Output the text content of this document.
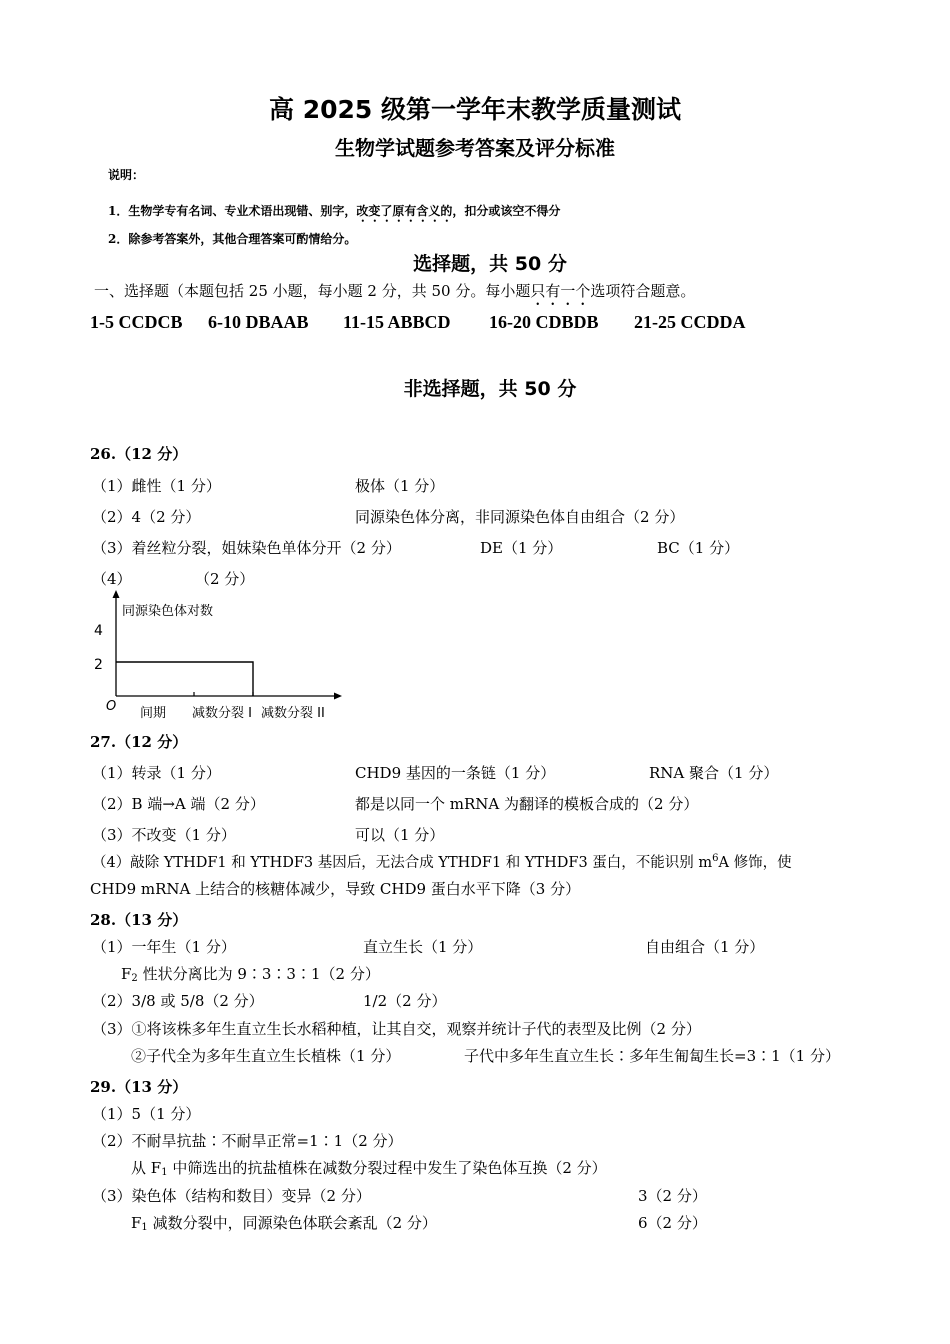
高 2025 级第一学年末教学质量测试
生物学试题参考答案及评分标准
说明：
1．生物学专有名词、专业术语出现错、别字，改变了原有含义的，扣分或该空不得分
2．除参考答案外，其他合理答案可酌情给分。
选择题，共 50 分
一、选择题（本题包括 25 小题，每小题 2 分，共 50 分。每小题只有一个选项符合题意。
1-5 CCDCB 6-10 DBAAB 11-15 ABBCD 16-20 CDBDB 21-25 CCDDA
非选择题，共 50 分
26.（12 分）
（1）雌性（1 分）	极体（1 分）
（2）4（2 分）	同源染色体分离，非同源染色体自由组合（2 分）
（3）着丝粒分裂，姐妹染色单体分开（2 分）	DE（1 分）	BC（1 分）
（4）	（2 分）
同源染色体对数
4
2
O 间期 减数分裂 I 减数分裂 II
27.（12 分）
（1）转录（1 分）	CHD9 基因的一条链（1 分）	RNA 聚合（1 分）
（2）B 端→A 端（2 分）	都是以同一个 mRNA 为翻译的模板合成的（2 分）
（3）不改变（1 分）	可以（1 分）
（4）敲除 YTHDF1 和 YTHDF3 基因后，无法合成 YTHDF1 和 YTHDF3 蛋白，不能识别 $m^6A$ 修饰，使
CHD9 mRNA 上结合的核糖体减少，导致 CHD9 蛋白水平下降（3 分）
28.（13 分）
（1）一年生（1 分）	直立生长（1 分）	自由组合（1 分）
$F_2$ 性状分离比为 9∶3∶3∶1（2 分）
（2）3/8 或 5/8（2 分）	1/2（2 分）
（3）①将该株多年生直立生长水稻种植，让其自交，观察并统计子代的表型及比例（2 分）
②子代全为多年生直立生长植株（1 分）	子代中多年生直立生长∶多年生匍匐生长=3∶1（1 分）
29.（13 分）
（1）5（1 分）
（2）不耐旱抗盐∶不耐旱正常=1∶1（2 分）
从 $F_1$ 中筛选出的抗盐植株在减数分裂过程中发生了染色体互换（2 分）
（3）染色体（结构和数目）变异（2 分）	3（2 分）
$F_1$ 减数分裂中，同源染色体联会紊乱（2 分）	6（2 分）
